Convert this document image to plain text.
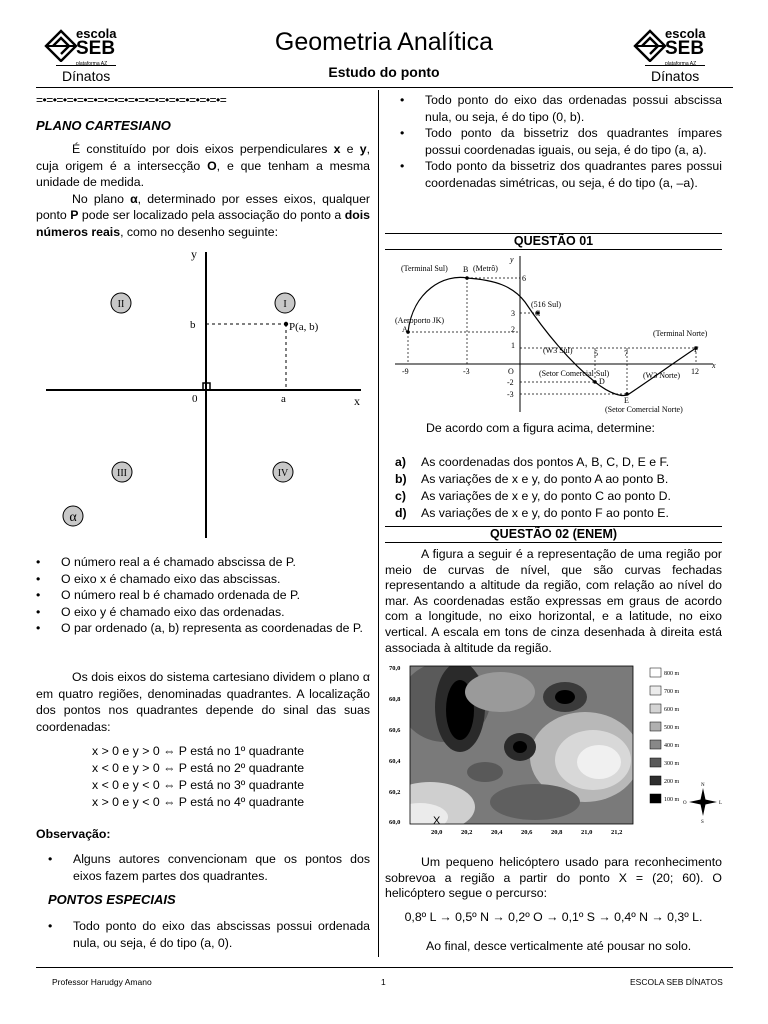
escola
SEB
plataforma AZ
Dínatos
Geometria Analítica
Estudo do ponto
escola
SEB
plataforma AZ
Dínatos
=•=•=•=•=•=•=•=•=•=•=•=•=•=•=•=•=•=•=
PLANO CARTESIANO

É constituído por dois eixos perpendiculares x e y, cuja origem é a intersecção O, e que tenham a mesma unidade de medida.

No plano α, determinado por esses eixos, qualquer ponto P pode ser localizado pela associação do ponto a dois números reais, como no desenho seguinte:

y
x
0	a
b	P(a, b)
II	I
III	IV
α
• O número real a é chamado abscissa de P.
• O eixo x é chamado eixo das abscissas.
• O número real b é chamado ordenada de P.
• O eixo y é chamado eixo das ordenadas.
• O par ordenado (a, b) representa as coordenadas de P.

Os dois eixos do sistema cartesiano dividem o plano α em quatro regiões, denominadas quadrantes. A localização dos pontos nos quadrantes depende do sinal das suas coordenadas:

x > 0 e y > 0 ⇔ P está no 1º quadrante
x < 0 e y > 0 ⇔ P está no 2º quadrante
x < 0 e y < 0 ⇔ P está no 3º quadrante
x > 0 e y < 0 ⇔ P está no 4º quadrante
Observação:
• Alguns autores convencionam que os pontos dos eixos fazem partes dos quadrantes.
PONTOS ESPECIAIS
• Todo ponto do eixo das abscissas possui ordenada nula, ou seja, é do tipo (a, 0).
• Todo ponto do eixo das ordenadas possui abscissa nula, ou seja, é do tipo (0, b).
• Todo ponto da bissetriz dos quadrantes ímpares possui coordenadas iguais, ou seja, é do tipo (a, a).
• Todo ponto da bissetriz dos quadrantes pares possui coordenadas simétricas, ou seja, é do tipo (a, –a).
QUESTÃO 01
A
B
C
D
E
F
(Terminal Sul)	(Metrô)
(Aeroporto JK)
(516 Sul)
(Terminal Norte)
(W3 Sul)
(Setor Comercial Sul)	(W3 Norte)
(Setor Comercial Norte)
x
y
O
-9	-3
5	7
12
6
3
2
1
-2
-3
De acordo com a figura acima, determine:
a) As coordenadas dos pontos A, B, C, D, E e F.
b) As variações de x e y, do ponto A ao ponto B.
c) As variações de x e y, do ponto C ao ponto D.
d) As variações de x e y, do ponto F ao ponto E.
QUESTÃO 02 (ENEM)

A figura a seguir é a representação de uma região por meio de curvas de nível, que são curvas fechadas representando a altitude da região, com relação ao nível do mar. As coordenadas estão expressas em graus de acordo com a longitude, no eixo horizontal, e a latitude, no eixo vertical. A escala em tons de cinza desenhada à direita está associada à altitude da região.

70,0
60,8
60,6
60,4
60,2
60,0
20,0	20,2	20,4	20,6	20,8	21,0	21,2
X
800 m
700 m
600 m
500 m
400 m
300 m
200 m
100 m
N
L
S
O

Um pequeno helicóptero usado para reconhecimento sobrevoa a região a partir do ponto X = (20; 60). O helicóptero segue o percurso:

0,8º L → 0,5º N → 0,2º O → 0,1º S → 0,4º N → 0,3º L.
Ao final, desce verticalmente até pousar no solo.
Professor Harudgy Amano	1	ESCOLA SEB DÍNATOS
